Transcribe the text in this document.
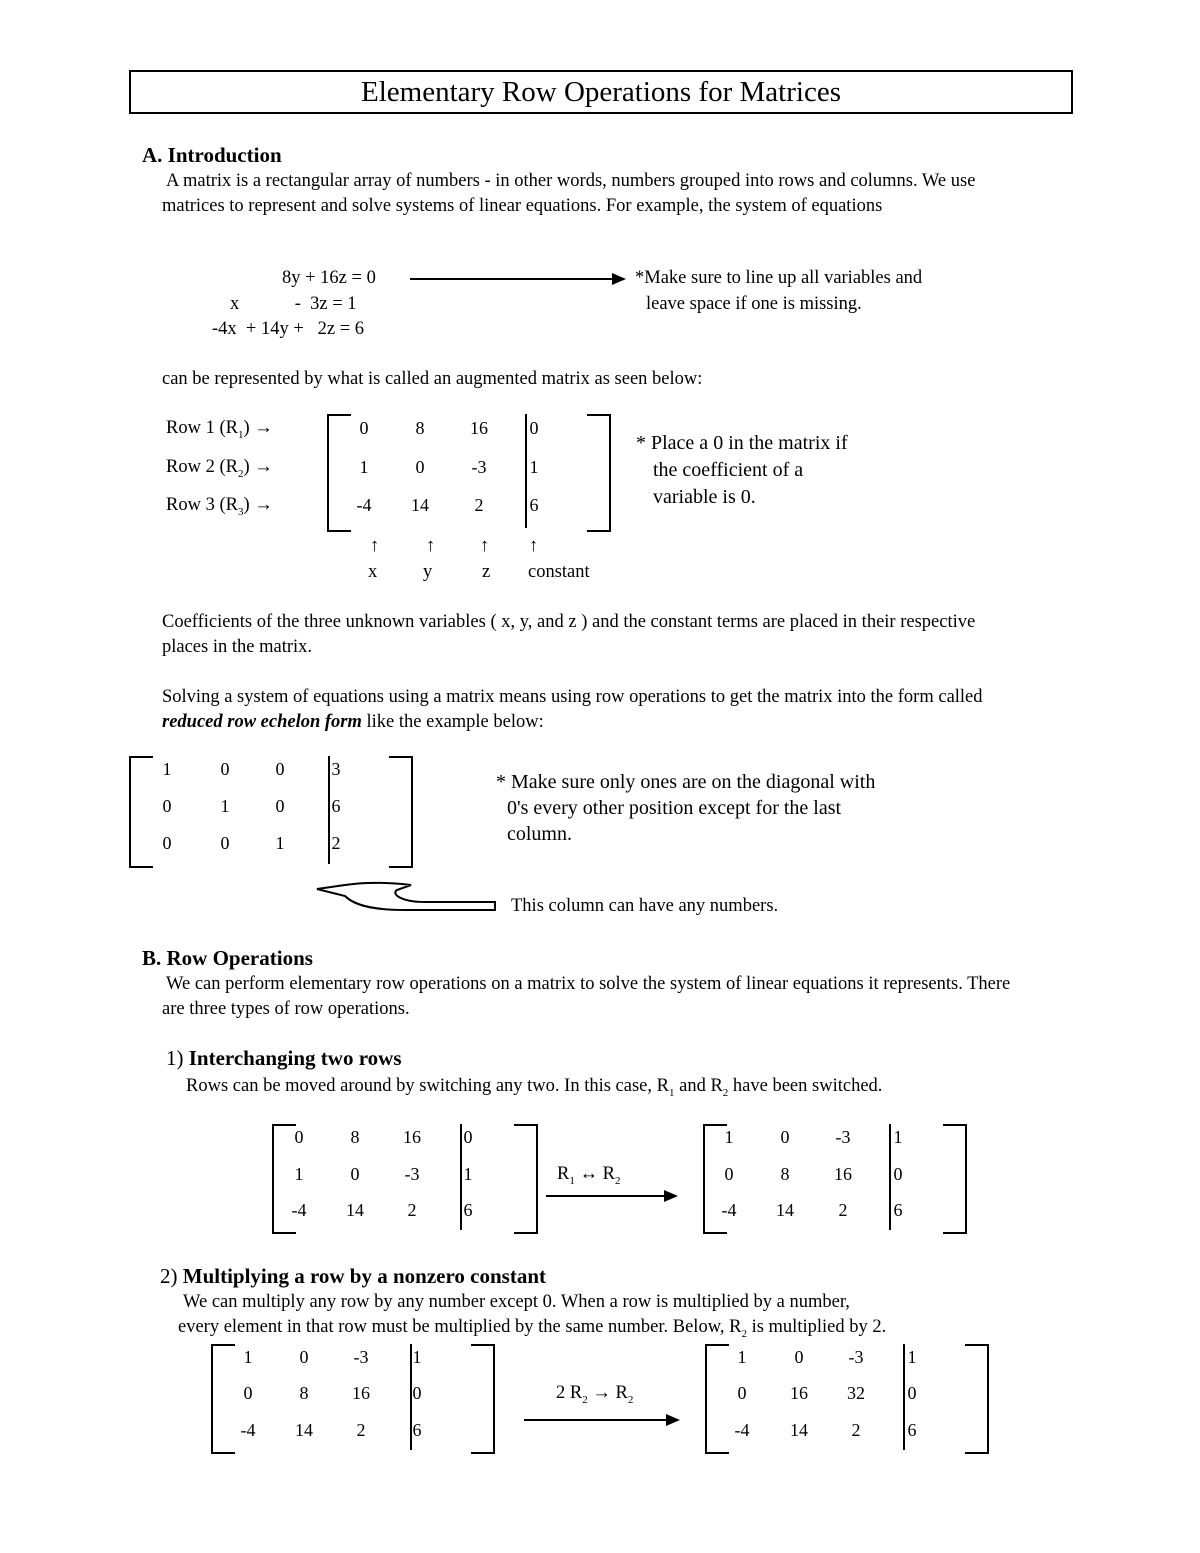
Elementary Row Operations for Matrices
A. Introduction
A matrix is a rectangular array of numbers - in other words, numbers grouped into rows and columns. We use matrices to represent and solve systems of linear equations. For example, the system of equations
8y + 16z = 0
x            -  3z = 1
-4x  + 14y +   2z = 6
*Make sure to line up all variables and
leave space if one is missing.
can be represented by what is called an augmented matrix as seen below:
Row 1 $(R_1)$ →
Row 2 $(R_2)$ →
Row 3 $(R_3)$ →
0	8	16	0
1	0	-3	1
-4	14	2	6
↑	↑ ↑ ↑
x y	z constant
* Place a 0 in the matrix if
the coefficient of a
variable is 0.
Coefficients of the three unknown variables ( x, y, and z ) and the constant terms are placed in their respective places in the matrix.
Solving a system of equations using a matrix means using row operations to get the matrix into the form called reduced row echelon form like the example below:
1	0	0	3
0	1	0	6
0	0	1	2
* Make sure only ones are on the diagonal with
0's every other position except for the last
column.
This column can have any numbers.
B. Row Operations
We can perform elementary row operations on a matrix to solve the system of linear equations it represents. There are three types of row operations.
1) Interchanging two rows
Rows can be moved around by switching any two. In this case, $R_1$ and $R_2$ have been switched.
0	8	16	0
1	0	-3	1
-4	14	2	6
$R_1$ ↔ $R_2$
1	0	-3	1
0	8	16	0
-4	14	2	6
2) Multiplying a row by a nonzero constant
We can multiply any row by any number except 0. When a row is multiplied by a number,
every element in that row must be multiplied by the same number. Below, $R_2$ is multiplied by 2.
1	0	-3	1
0	8	16	0
-4	14	2	6
2 $R_2 \to R_2$
1	0	-3	1
0	16	32	0
-4	14	2	6
